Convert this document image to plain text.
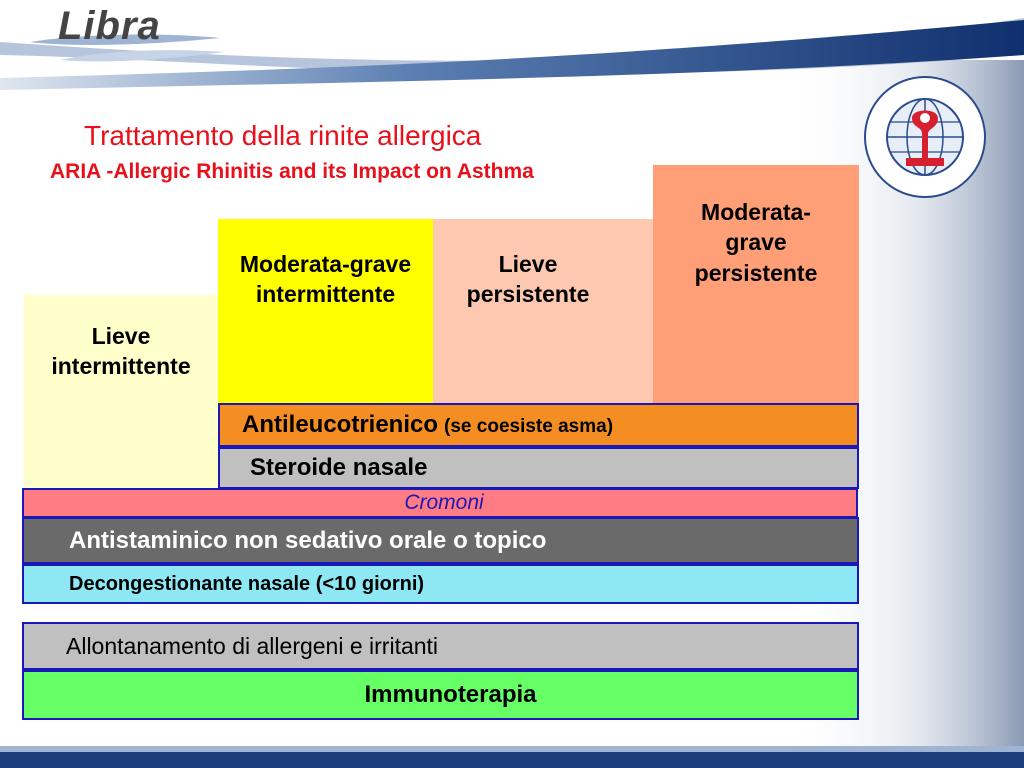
Libra
Trattamento della rinite allergica
ARIA -Allergic Rhinitis and its Impact on Asthma
Lieve intermittente
Moderata-grave intermittente
Lieve persistente
Moderata-grave persistente
Antileucotrienico (se coesiste asma)
Steroide nasale
Cromoni
Antistaminico non sedativo orale o topico
Decongestionante nasale (<10 giorni)
Allontanamento di allergeni e irritanti
Immunoterapia
